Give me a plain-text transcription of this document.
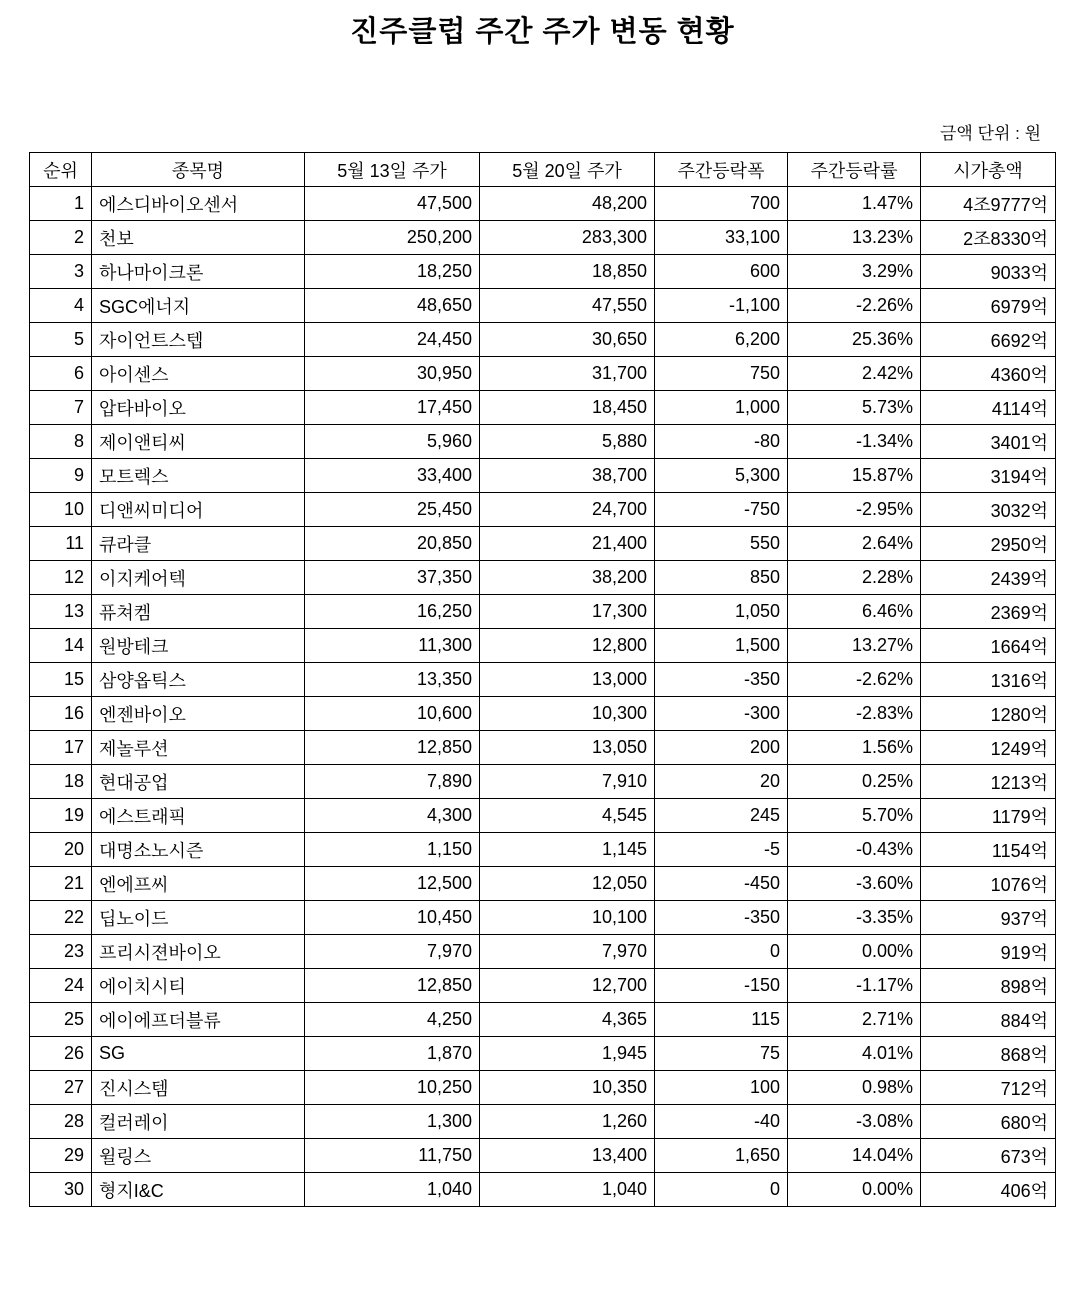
진주클럽 주간 주가 변동 현황
금액 단위 : 원
순위	종목명	5월 13일 주가	5월 20일 주가	주간등락폭	주간등락률	시가총액
1	에스디바이오센서	47,500	48,200	700	1.47%	4조9777억
2	천보	250,200	283,300	33,100	13.23%	2조8330억
3	하나마이크론	18,250	18,850	600	3.29%	9033억
4	SGC에너지	48,650	47,550	-1,100	-2.26%	6979억
5	자이언트스텝	24,450	30,650	6,200	25.36%	6692억
6	아이센스	30,950	31,700	750	2.42%	4360억
7	압타바이오	17,450	18,450	1,000	5.73%	4114억
8	제이앤티씨	5,960	5,880	-80	-1.34%	3401억
9	모트렉스	33,400	38,700	5,300	15.87%	3194억
10	디앤씨미디어	25,450	24,700	-750	-2.95%	3032억
11	큐라클	20,850	21,400	550	2.64%	2950억
12	이지케어텍	37,350	38,200	850	2.28%	2439억
13	퓨쳐켐	16,250	17,300	1,050	6.46%	2369억
14	원방테크	11,300	12,800	1,500	13.27%	1664억
15	삼양옵틱스	13,350	13,000	-350	-2.62%	1316억
16	엔젠바이오	10,600	10,300	-300	-2.83%	1280억
17	제놀루션	12,850	13,050	200	1.56%	1249억
18	현대공업	7,890	7,910	20	0.25%	1213억
19	에스트래픽	4,300	4,545	245	5.70%	1179억
20	대명소노시즌	1,150	1,145	-5	-0.43%	1154억
21	엔에프씨	12,500	12,050	-450	-3.60%	1076억
22	딥노이드	10,450	10,100	-350	-3.35%	937억
23	프리시젼바이오	7,970	7,970	0	0.00%	919억
24	에이치시티	12,850	12,700	-150	-1.17%	898억
25	에이에프더블류	4,250	4,365	115	2.71%	884억
26	SG	1,870	1,945	75	4.01%	868억
27	진시스템	10,250	10,350	100	0.98%	712억
28	컬러레이	1,300	1,260	-40	-3.08%	680억
29	윌링스	11,750	13,400	1,650	14.04%	673억
30	형지I&C	1,040	1,040	0	0.00%	406억
